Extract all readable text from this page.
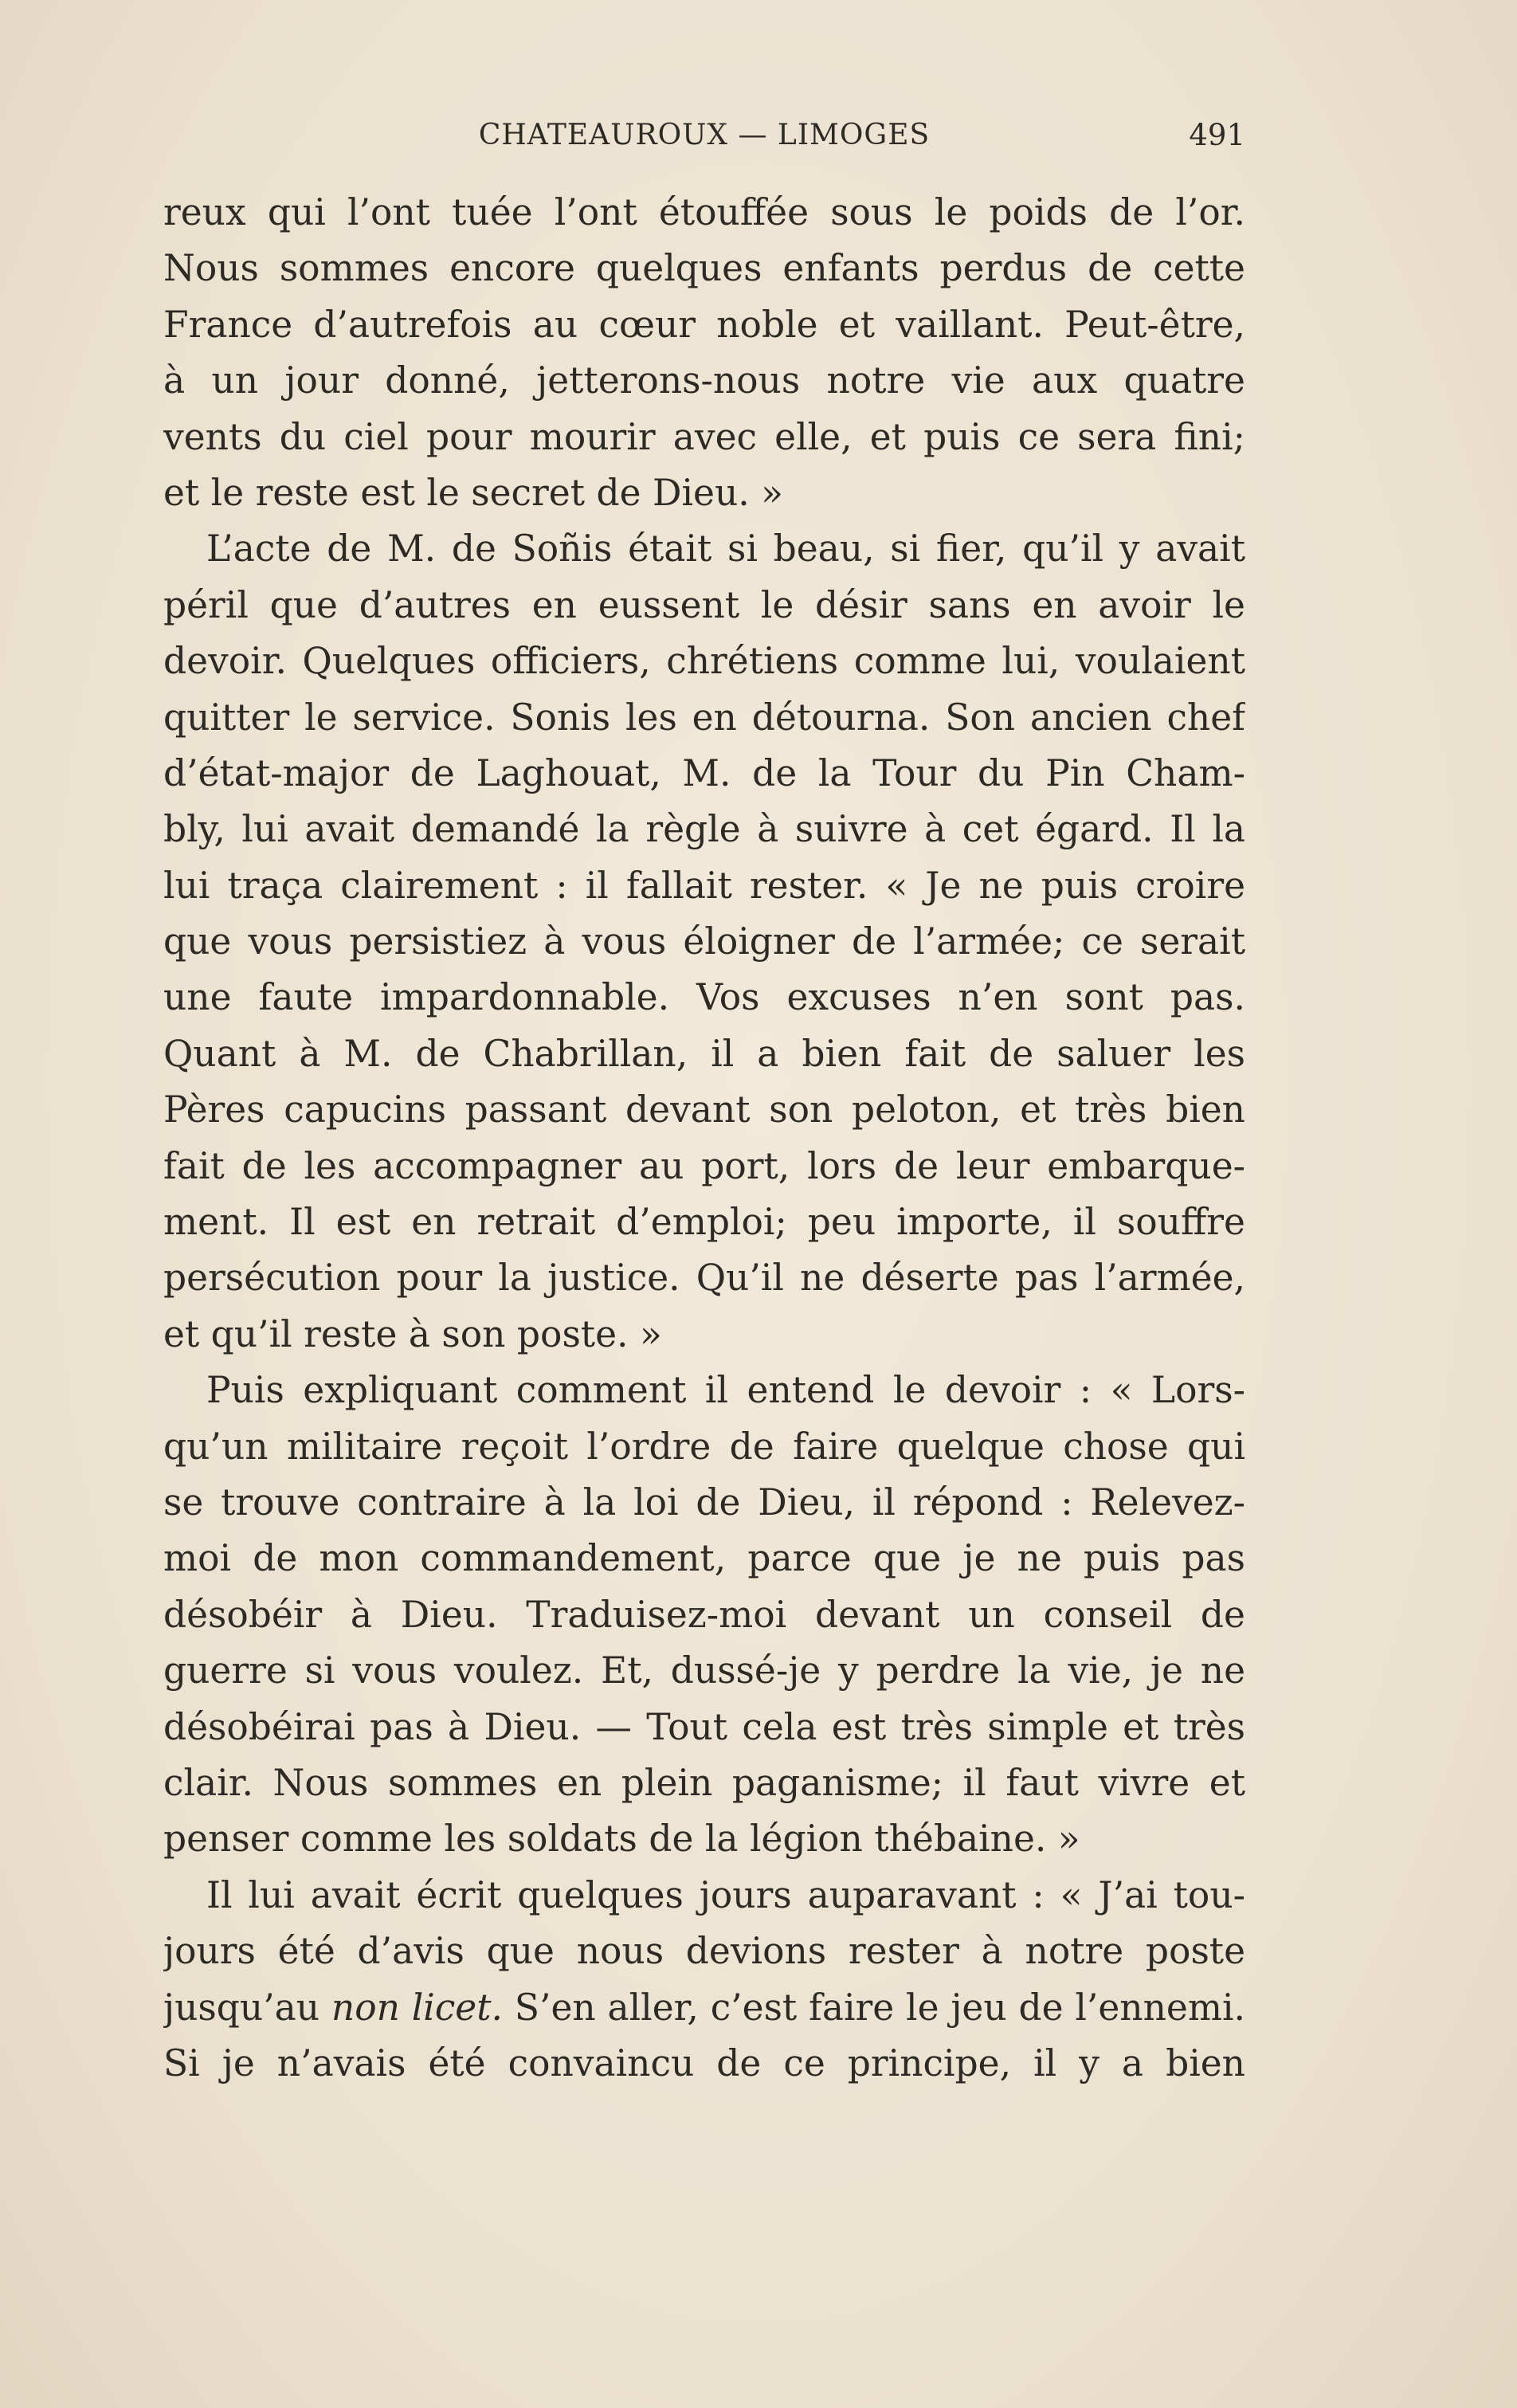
CHATEAUROUX — LIMOGES	491
reux qui l’ont tuée l’ont étouffée sous le poids de l’or.
Nous sommes encore quelques enfants perdus de cette
France d’autrefois au cœur noble et vaillant. Peut-être,
à un jour donné, jetterons-nous notre vie aux quatre
vents du ciel pour mourir avec elle, et puis ce sera fini;
et le reste est le secret de Dieu. »
L’acte de M. de Soñis était si beau, si fier, qu’il y avait
péril que d’autres en eussent le désir sans en avoir le
devoir. Quelques officiers, chrétiens comme lui, voulaient
quitter le service. Sonis les en détourna. Son ancien chef
d’état-major de Laghouat, M. de la Tour du Pin Cham-
bly, lui avait demandé la règle à suivre à cet égard. Il la
lui traça clairement : il fallait rester. « Je ne puis croire
que vous persistiez à vous éloigner de l’armée; ce serait
une faute impardonnable. Vos excuses n’en sont pas.
Quant à M. de Chabrillan, il a bien fait de saluer les
Pères capucins passant devant son peloton, et très bien
fait de les accompagner au port, lors de leur embarque-
ment. Il est en retrait d’emploi; peu importe, il souffre
persécution pour la justice. Qu’il ne déserte pas l’armée,
et qu’il reste à son poste. »
Puis expliquant comment il entend le devoir : « Lors-
qu’un militaire reçoit l’ordre de faire quelque chose qui
se trouve contraire à la loi de Dieu, il répond : Relevez-
moi de mon commandement, parce que je ne puis pas
désobéir à Dieu. Traduisez-moi devant un conseil de
guerre si vous voulez. Et, dussé-je y perdre la vie, je ne
désobéirai pas à Dieu. — Tout cela est très simple et très
clair. Nous sommes en plein paganisme; il faut vivre et
penser comme les soldats de la légion thébaine. »
Il lui avait écrit quelques jours auparavant : « J’ai tou-
jours été d’avis que nous devions rester à notre poste
jusqu’au non licet. S’en aller, c’est faire le jeu de l’ennemi.
Si je n’avais été convaincu de ce principe, il y a bien
